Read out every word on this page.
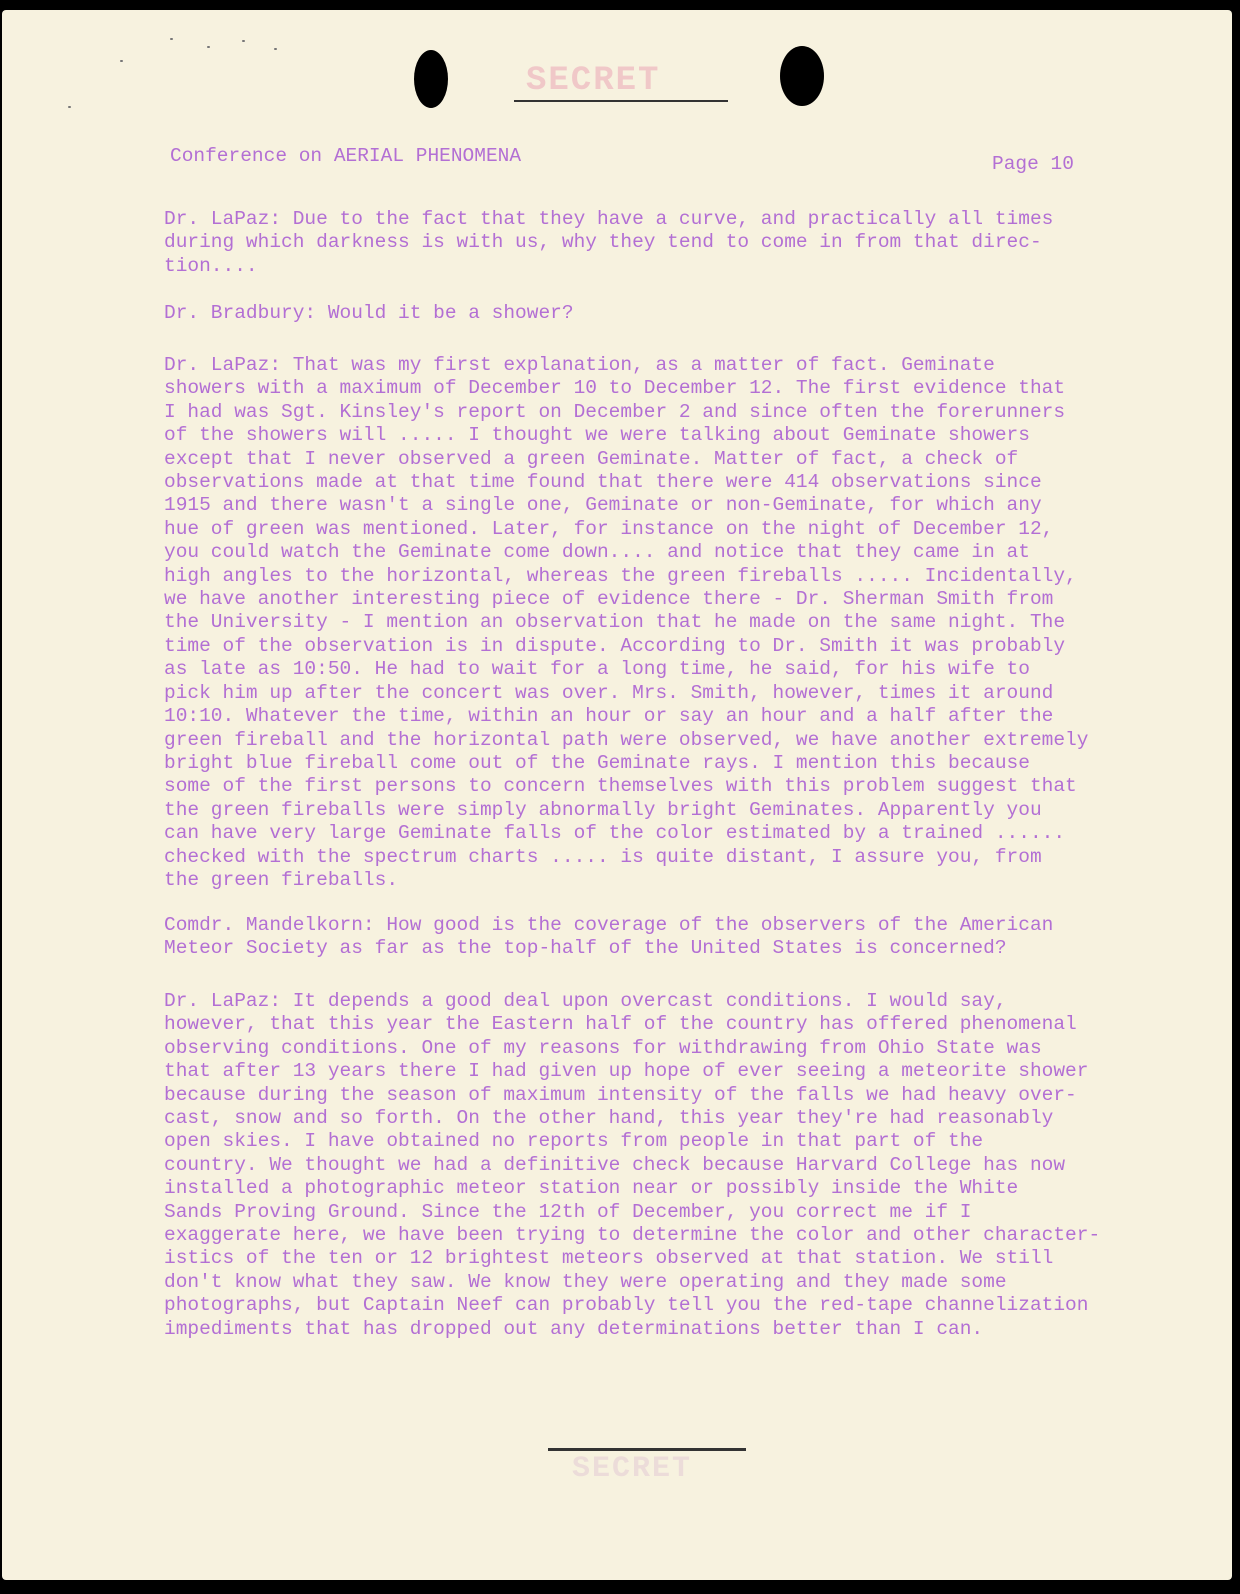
SECRET
Conference on AERIAL PHENOMENA	Page 10

Dr. LaPaz: Due to the fact that they have a curve, and practically all times
during which darkness is with us, why they tend to come in from that direc-
tion....

Dr. Bradbury: Would it be a shower?

Dr. LaPaz: That was my first explanation, as a matter of fact. Geminate
showers with a maximum of December 10 to December 12. The first evidence that
I had was Sgt. Kinsley's report on December 2 and since often the forerunners
of the showers will ..... I thought we were talking about Geminate showers
except that I never observed a green Geminate. Matter of fact, a check of
observations made at that time found that there were 414 observations since
1915 and there wasn't a single one, Geminate or non-Geminate, for which any
hue of green was mentioned. Later, for instance on the night of December 12,
you could watch the Geminate come down.... and notice that they came in at
high angles to the horizontal, whereas the green fireballs ..... Incidentally,
we have another interesting piece of evidence there - Dr. Sherman Smith from
the University - I mention an observation that he made on the same night. The
time of the observation is in dispute. According to Dr. Smith it was probably
as late as 10:50. He had to wait for a long time, he said, for his wife to
pick him up after the concert was over. Mrs. Smith, however, times it around
10:10. Whatever the time, within an hour or say an hour and a half after the
green fireball and the horizontal path were observed, we have another extremely
bright blue fireball come out of the Geminate rays. I mention this because
some of the first persons to concern themselves with this problem suggest that
the green fireballs were simply abnormally bright Geminates. Apparently you
can have very large Geminate falls of the color estimated by a trained ......
checked with the spectrum charts ..... is quite distant, I assure you, from
the green fireballs.

Comdr. Mandelkorn: How good is the coverage of the observers of the American
Meteor Society as far as the top-half of the United States is concerned?

Dr. LaPaz: It depends a good deal upon overcast conditions. I would say,
however, that this year the Eastern half of the country has offered phenomenal
observing conditions. One of my reasons for withdrawing from Ohio State was
that after 13 years there I had given up hope of ever seeing a meteorite shower
because during the season of maximum intensity of the falls we had heavy over-
cast, snow and so forth. On the other hand, this year they're had reasonably
open skies. I have obtained no reports from people in that part of the
country. We thought we had a definitive check because Harvard College has now
installed a photographic meteor station near or possibly inside the White
Sands Proving Ground. Since the 12th of December, you correct me if I
exaggerate here, we have been trying to determine the color and other character-
istics of the ten or 12 brightest meteors observed at that station. We still
don't know what they saw. We know they were operating and they made some
photographs, but Captain Neef can probably tell you the red-tape channelization
impediments that has dropped out any determinations better than I can.

SECRET
